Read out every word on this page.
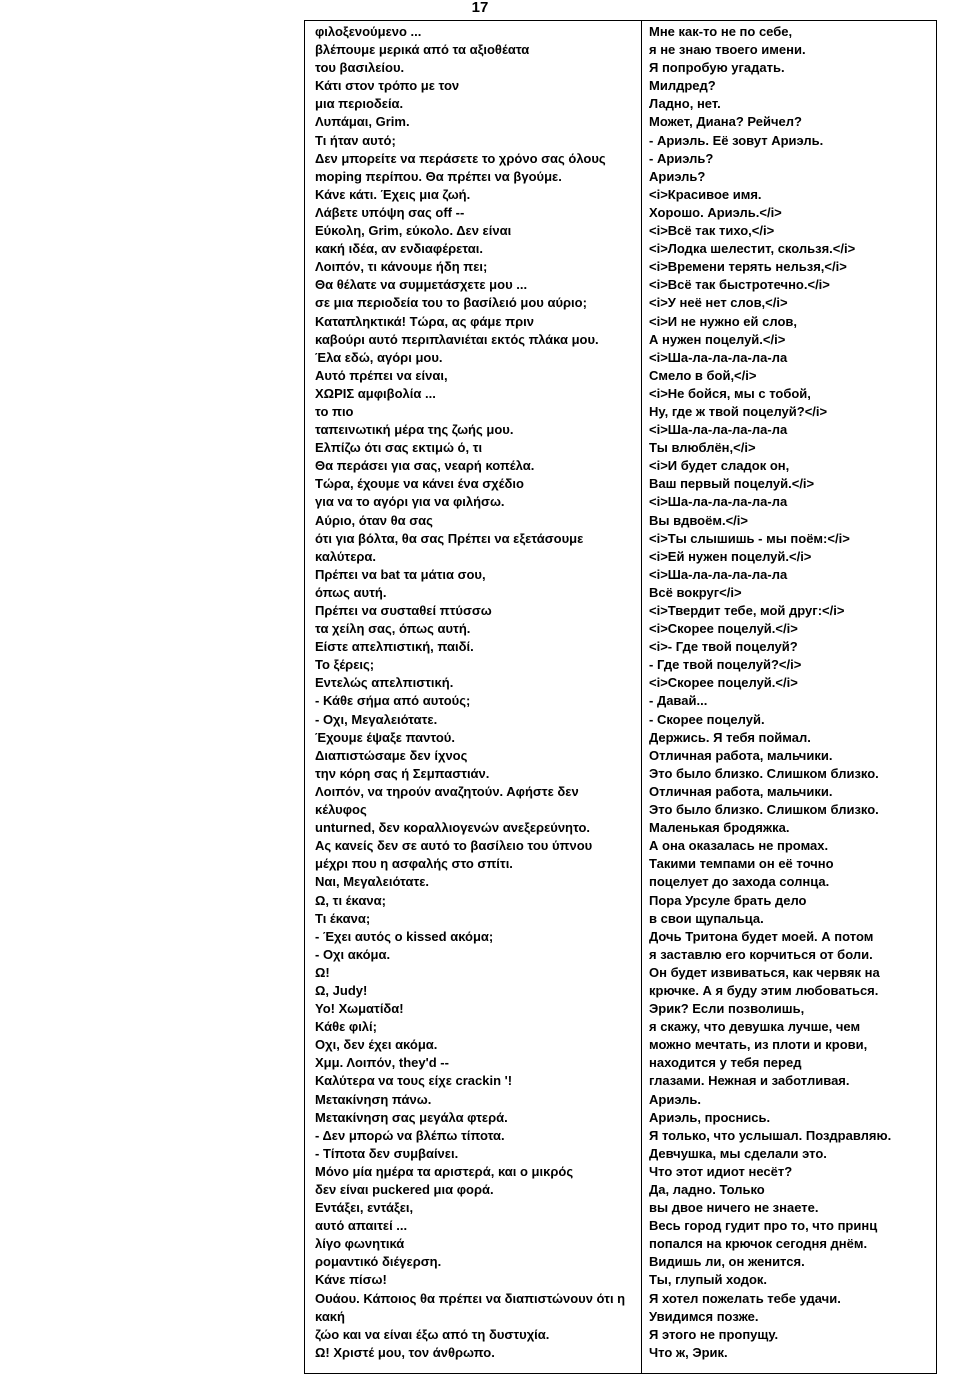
17
φιλοξενούμενο ...
βλέπουμε μερικά από τα αξιοθέατα
του βασιλείου.
Κάτι στον τρόπο με τον
μια περιοδεία.
Λυπάμαι, Grim.
Τι ήταν αυτό;
Δεν μπορείτε να περάσετε το χρόνο σας όλους
moping περίπου. Θα πρέπει να βγούμε.
Κάνε κάτι. Έχεις μια ζωή.
Λάβετε υπόψη σας off --
Εύκολη, Grim, εύκολο. Δεν είναι
κακή ιδέα, αν ενδιαφέρεται.
Λοιπόν, τι κάνουμε ήδη πει;
Θα θέλατε να συμμετάσχετε μου ...
σε μια περιοδεία του το βασίλειό μου αύριο;
Καταπληκτικά! Τώρα, ας φάμε πριν
καβούρι αυτό περιπλανιέται εκτός πλάκα μου.
Έλα εδώ, αγόρι μου.
Αυτό πρέπει να είναι,
ΧΩΡΙΣ αμφιβολία ...
το πιο
ταπεινωτική μέρα της ζωής μου.
Ελπίζω ότι σας εκτιμώ ό, τι
Θα περάσει για σας, νεαρή κοπέλα.
Τώρα, έχουμε να κάνει ένα σχέδιο
για να το αγόρι για να φιλήσω.
Αύριο, όταν θα σας
ότι για βόλτα, θα σας Πρέπει να εξετάσουμε
καλύτερα.
Πρέπει να bat τα μάτια σου,
όπως αυτή.
Πρέπει να συσταθεί πτύσσω
τα χείλη σας, όπως αυτή.
Είστε απελπιστική, παιδί.
Το ξέρεις;
Εντελώς απελπιστική.
- Κάθε σήμα από αυτούς;
- Οχι, Μεγαλειότατε.
Έχουμε έψαξε παντού.
Διαπιστώσαμε δεν ίχνος
την κόρη σας ή Σεμπαστιάν.
Λοιπόν, να τηρούν αναζητούν. Αφήστε δεν
κέλυφος
unturned, δεν κοραλλιογενών ανεξερεύνητο.
Ας κανείς δεν σε αυτό το βασίλειο του ύπνου
μέχρι που η ασφαλής στο σπίτι.
Ναι, Μεγαλειότατε.
Ω, τι έκανα;
Τι έκανα;
- Έχει αυτός ο kissed ακόμα;
- Οχι ακόμα.
Ω!
Ω, Judy!
Yo! Χωματίδα!
Κάθε φιλί;
Οχι, δεν έχει ακόμα.
Χμμ. Λοιπόν, they'd --
Καλύτερα να τους είχε crackin '!
Μετακίνηση πάνω.
Μετακίνηση σας μεγάλα φτερά.
- Δεν μπορώ να βλέπω τίποτα.
- Τίποτα δεν συμβαίνει.
Μόνο μία ημέρα τα αριστερά, και ο μικρός
δεν είναι puckered μια φορά.
Εντάξει, εντάξει,
αυτό απαιτεί ...
λίγο φωνητικά
ρομαντικό διέγερση.
Κάνε πίσω!
Ουάου. Κάποιος θα πρέπει να διαπιστώνουν ότι η
κακή
ζώο και να είναι έξω από τη δυστυχία.
Ω! Χριστέ μου, τον άνθρωπο.
Мне как-то не по себе,
я не знаю твоего имени.
Я попробую угадать.
Милдред?
Ладно, нет.
Может, Диана? Рейчел?
- Ариэль. Её зовут Ариэль.
- Ариэль?
Ариэль?
<i>Красивое имя.
Хорошо. Ариэль.</i>
<i>Всё так тихо,</i>
<i>Лодка шелестит, скользя.</i>
<i>Времени терять нельзя,</i>
<i>Всё так быстротечно.</i>
<i>У неё нет слов,</i>
<i>И не нужно ей слов,
А нужен поцелуй.</i>
<i>Ша-ла-ла-ла-ла-ла
Смело в бой,</i>
<i>Не бойся, мы с тобой,
Ну, где ж твой поцелуй?</i>
<i>Ша-ла-ла-ла-ла-ла
Ты влюблён,</i>
<i>И будет сладок он,
Ваш первый поцелуй.</i>
<i>Ша-ла-ла-ла-ла-ла
Вы вдвоём.</i>
<i>Ты слышишь - мы поём:</i>
<i>Ей нужен поцелуй.</i>
<i>Ша-ла-ла-ла-ла-ла
Всё вокруг</i>
<i>Твердит тебе, мой друг:</i>
<i>Скорее поцелуй.</i>
<i>- Где твой поцелуй?
- Где твой поцелуй?</i>
<i>Скорее поцелуй.</i>
- Давай...
- Скорее поцелуй.
Держись. Я тебя поймал.
Отличная работа, мальчики.
Это было близко. Слишком близко.
Отличная работа, мальчики.
Это было близко. Слишком близко.
Маленькая бродяжка.
А она оказалась не промах.
Такими темпами он её точно
поцелует до захода солнца.
Пора Урсуле брать дело
в свои щупальца.
Дочь Тритона будет моей. А потом
я заставлю его корчиться от боли.
Он будет извиваться, как червяк на
крючке. А я буду этим любоваться.
Эрик? Если позволишь,
я скажу, что девушка лучше, чем
можно мечтать, из плоти и крови,
находится у тебя перед
глазами. Нежная и заботливая.
Ариэль.
Ариэль, проснись.
Я только, что услышал. Поздравляю.
Девчушка, мы сделали это.
Что этот идиот несёт?
Да, ладно. Только
вы двое ничего не знаете.
Весь город гудит про то, что принц
попался на крючок сегодня днём.
Видишь ли, он женится.
Ты, глупый ходок.
Я хотел пожелать тебе удачи.
Увидимся позже.
Я этого не пропущу.
Что ж, Эрик.
